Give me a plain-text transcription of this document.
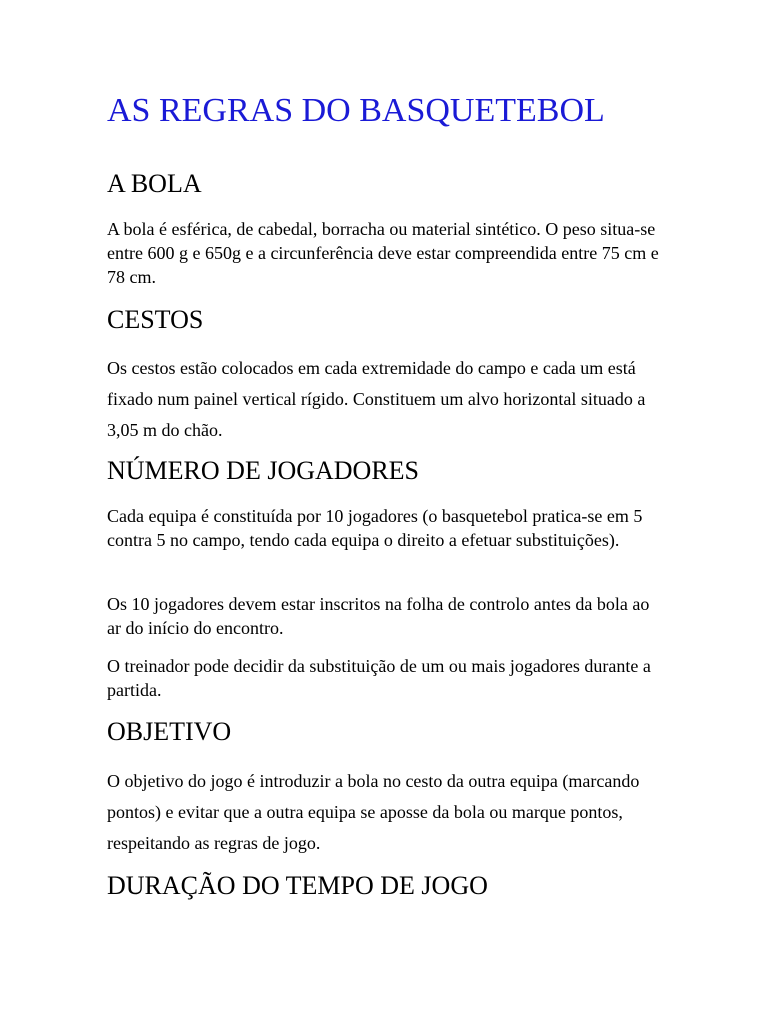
AS REGRAS DO BASQUETEBOL
A BOLA

A bola é esférica, de cabedal, borracha ou material sintético. O peso situa-se entre 600 g e 650g e a circunferência deve estar compreendida entre 75 cm e 78 cm.

CESTOS

Os cestos estão colocados em cada extremidade do campo e cada um está fixado num painel vertical rígido. Constituem um alvo horizontal situado a 3,05 m do chão.

NÚMERO DE JOGADORES

Cada equipa é constituída por 10 jogadores (o basquetebol pratica-se em 5 contra 5 no campo, tendo cada equipa o direito a efetuar substituições).

Os 10 jogadores devem estar inscritos na folha de controlo antes da bola ao ar do início do encontro.

O treinador pode decidir da substituição de um ou mais jogadores durante a partida.

OBJETIVO

O objetivo do jogo é introduzir a bola no cesto da outra equipa (marcando pontos) e evitar que a outra equipa se aposse da bola ou marque pontos, respeitando as regras de jogo.

DURAÇÃO DO TEMPO DE JOGO
